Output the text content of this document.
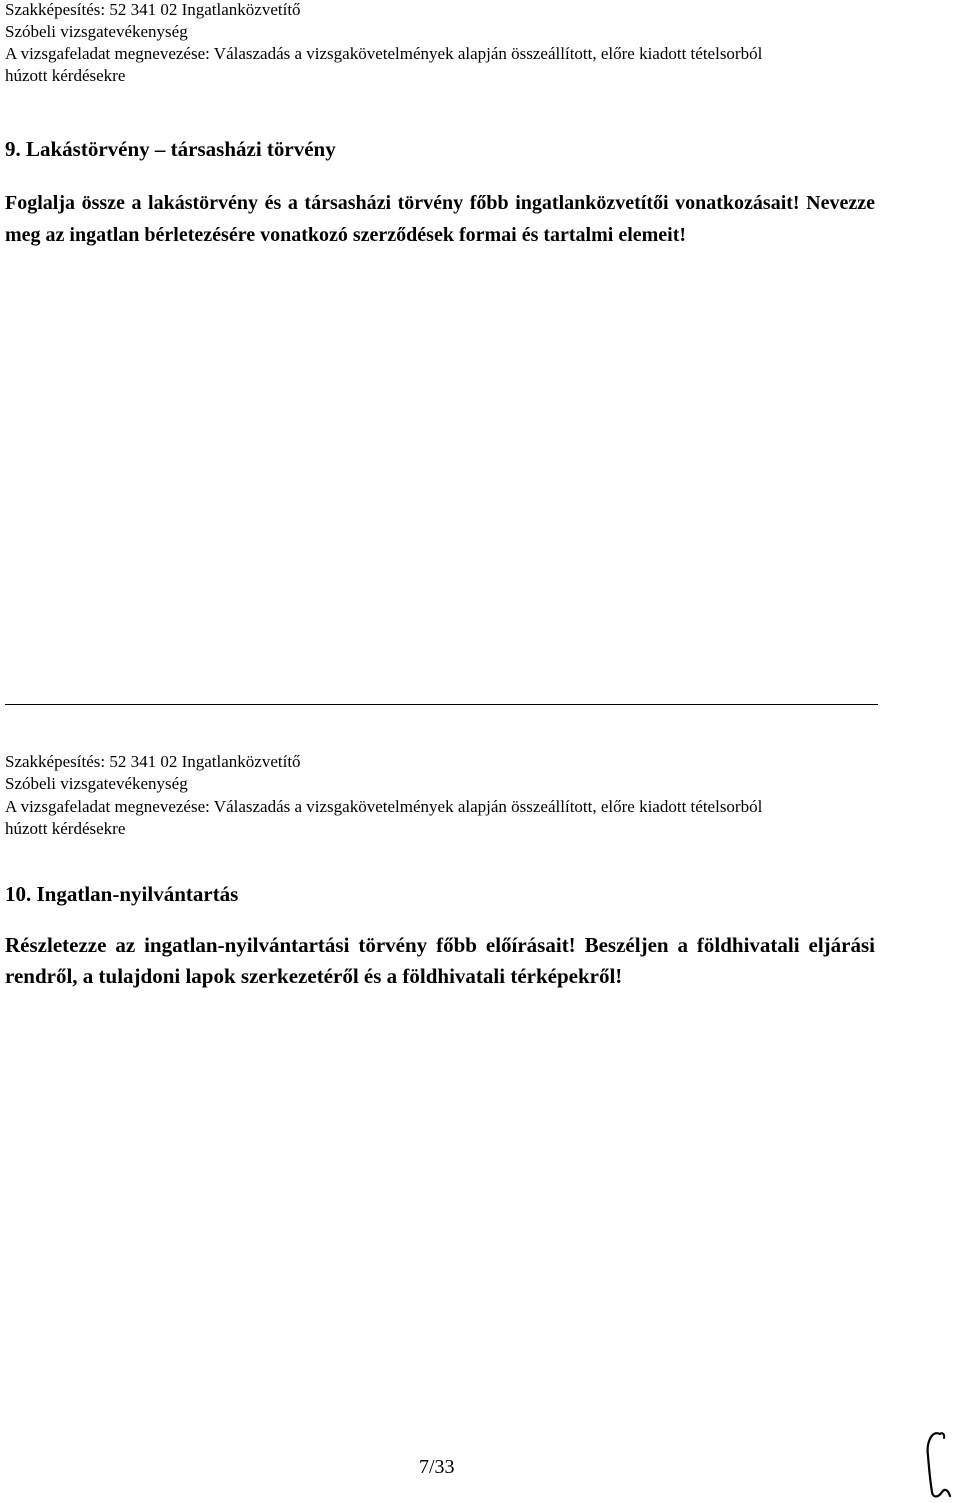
Szakképesítés: 52 341 02 Ingatlanközvetítő
Szóbeli vizsgatevékenység
A vizsgafeladat megnevezése: Válaszadás a vizsgakövetelmények alapján összeállított, előre kiadott tételsorból
húzott kérdésekre
9. Lakástörvény – társasházi törvény
Foglalja össze a lakástörvény és a társasházi törvény főbb ingatlanközvetítői vonatkozásait! Nevezze meg az ingatlan bérletezésére vonatkozó szerződések formai és tartalmi elemeit!
Szakképesítés: 52 341 02 Ingatlanközvetítő
Szóbeli vizsgatevékenység
A vizsgafeladat megnevezése: Válaszadás a vizsgakövetelmények alapján összeállított, előre kiadott tételsorból
húzott kérdésekre
10. Ingatlan-nyilvántartás
Részletezze az ingatlan-nyilvántartási törvény főbb előírásait! Beszéljen a földhivatali eljárási rendről, a tulajdoni lapok szerkezetéről és a földhivatali térképekről!
7/33
